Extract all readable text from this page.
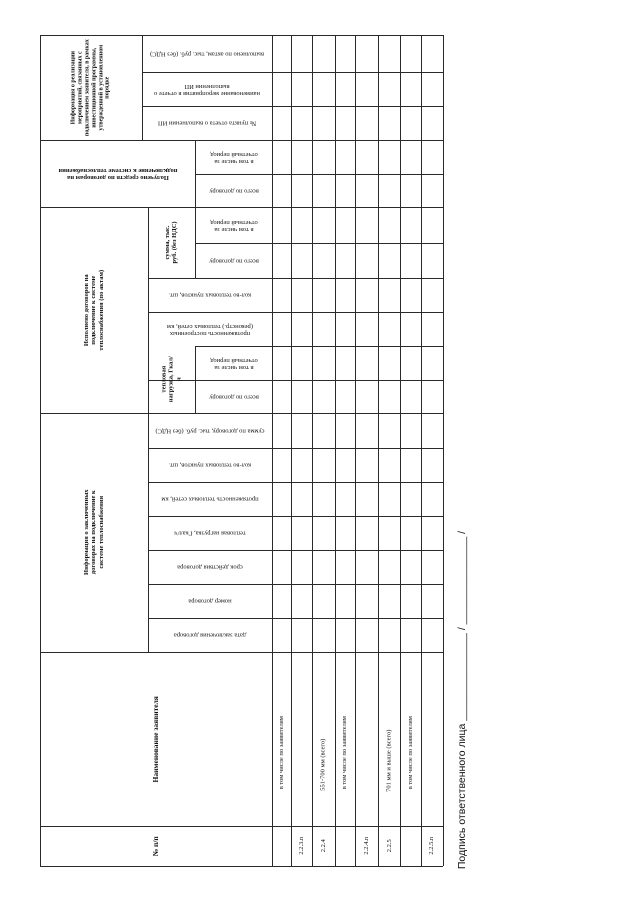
№ п/п
Наименование заявителя
Информация о заключенных договорах на подключение к системе теплоснабжения
дата заключения договора
номер договора
срок действия договора
тепловая нагрузка, Гкал/ч
протяженность тепловых сетей, км
кол-во тепловых пунктов, шт.
сумма по договору, тыс. руб. (без НДС)
Исполнено договоров на подключение к системе теплоснабжения (по актам)
тепловая нагрузка, Гкал/ч
всего по договору
в том числе за отчетный период
протяженность построенных (реконстр.) тепловых сетей, км
кол-во тепловых пунктов, шт.
сумма, тыс. руб. (без НДС)	всего по договору
в том числе за отчетный период
Получено средств по договорам на подключение к системе теплоснабжения
всего по договору
в том числе за отчетный период
Информация о реализации мероприятий, связанных с подключением заявителя, в рамках инвестиционной программы, утвержденной в установленном порядке
№ пункта отчета о выполнении ИП
наименование мероприятия в отчете о выполнении ИП
выполнено по актам, тыс. руб. (без НДС)
в том числе по заявителям
2.2.3.n 2.2.4
551-700 мм (всего) в том числе по заявителям
2.2.4.n 2.2.5
701 мм и выше (всего) в том числе по заявителям
2.2.5.n Подпись ответственного лица _______________ / _______________ /
